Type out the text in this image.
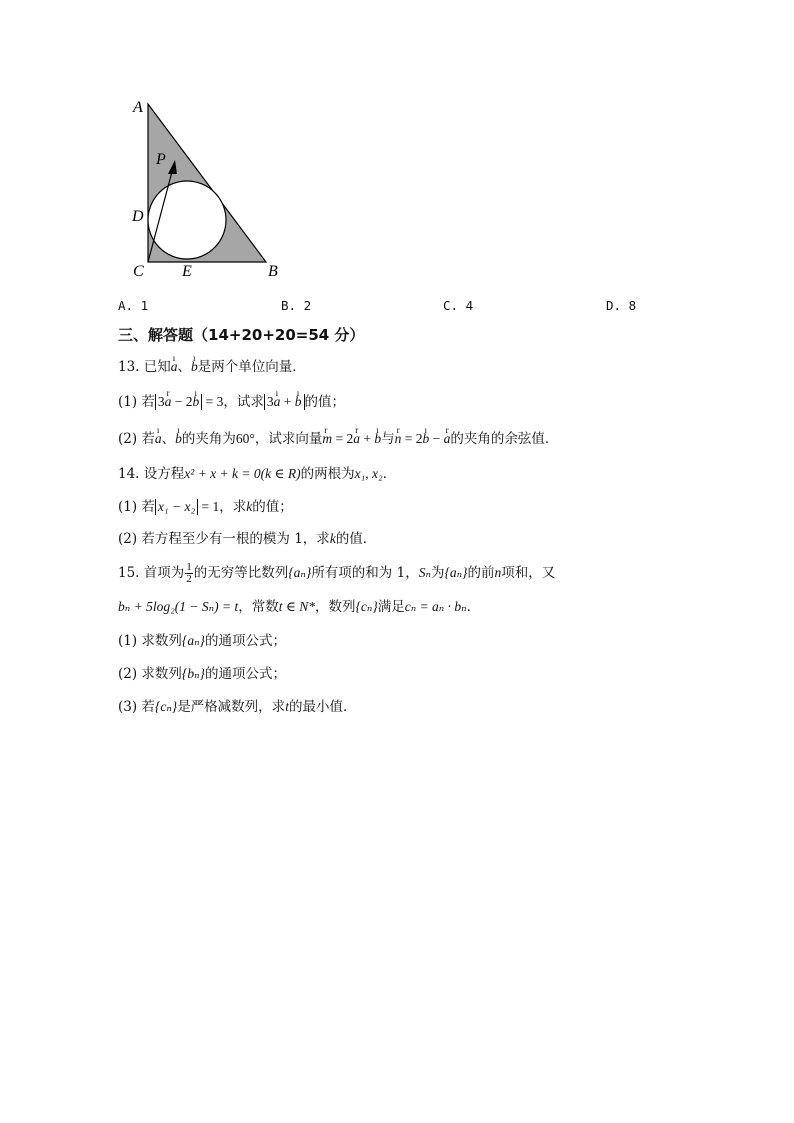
A
P
D
C E	B
A. 1	B. 2	C. 4	D. 8
三、解答题（14+20+20=54 分）
13. 已知ı a、ı b是两个单位向量．
(1) 若 3r a − 2ı b = 3，试求 3ı a + ı b 的值；
(2) 若ı a、ı b的夹角为60°，试求向量r m = 2r a + ı b与r n = 2ı b − r a的夹角的余弦值．
14. 设方程x² + x + k = 0(k ∈ R)的两根为x₁, x₂．
(1) 若 x₁ − x₂ = 1，求k的值；
(2) 若方程至少有一根的模为 1，求k的值．
15. 首项为 $\frac{1}{2}$ 的无穷等比数列{aₙ}所有项的和为 1，Sₙ为{aₙ}的前n项和，又
bₙ + 5log₂(1 − Sₙ) = t，常数t ∈ N*，数列{cₙ}满足cₙ = aₙ · bₙ．
(1) 求数列{aₙ}的通项公式；
(2) 求数列{bₙ}的通项公式；
(3) 若{cₙ}是严格减数列，求t的最小值．
